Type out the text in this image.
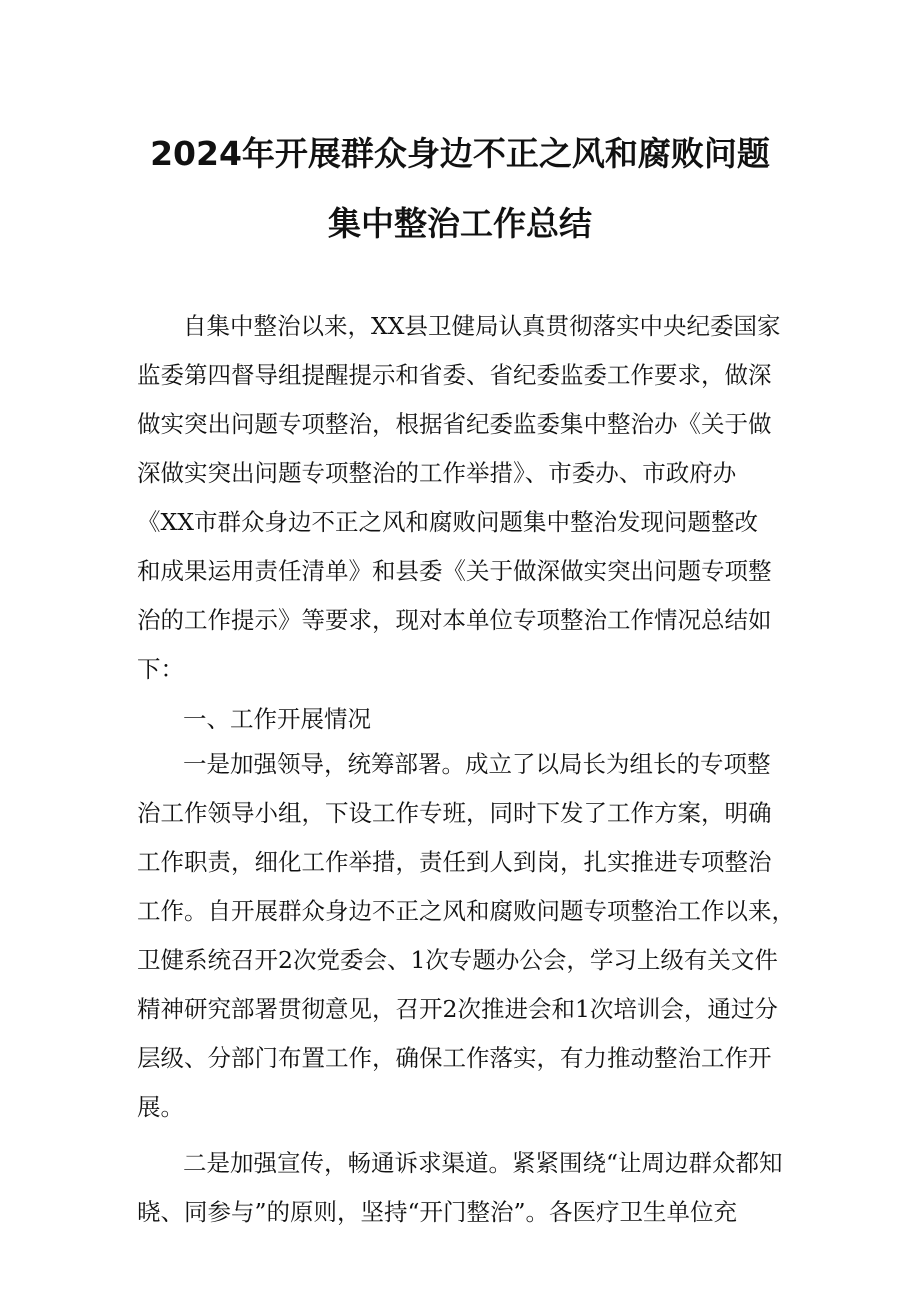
2024年开展群众身边不正之风和腐败问题
集中整治工作总结
自集中整治以来，XX县卫健局认真贯彻落实中央纪委国家
监委第四督导组提醒提示和省委、省纪委监委工作要求，做深
做实突出问题专项整治，根据省纪委监委集中整治办《关于做
深做实突出问题专项整治的工作举措》、市委办、市政府办
《XX市群众身边不正之风和腐败问题集中整治发现问题整改
和成果运用责任清单》和县委《关于做深做实突出问题专项整
治的工作提示》等要求，现对本单位专项整治工作情况总结如
下：
一、工作开展情况
一是加强领导，统筹部署。成立了以局长为组长的专项整
治工作领导小组，下设工作专班，同时下发了工作方案，明确
工作职责，细化工作举措，责任到人到岗，扎实推进专项整治
工作。自开展群众身边不正之风和腐败问题专项整治工作以来，
卫健系统召开2次党委会、1次专题办公会，学习上级有关文件
精神研究部署贯彻意见，召开2次推进会和1次培训会，通过分
层级、分部门布置工作，确保工作落实，有力推动整治工作开
展。
二是加强宣传，畅通诉求渠道。紧紧围绕“让周边群众都知
晓、同参与”的原则，坚持“开门整治”。各医疗卫生单位充
